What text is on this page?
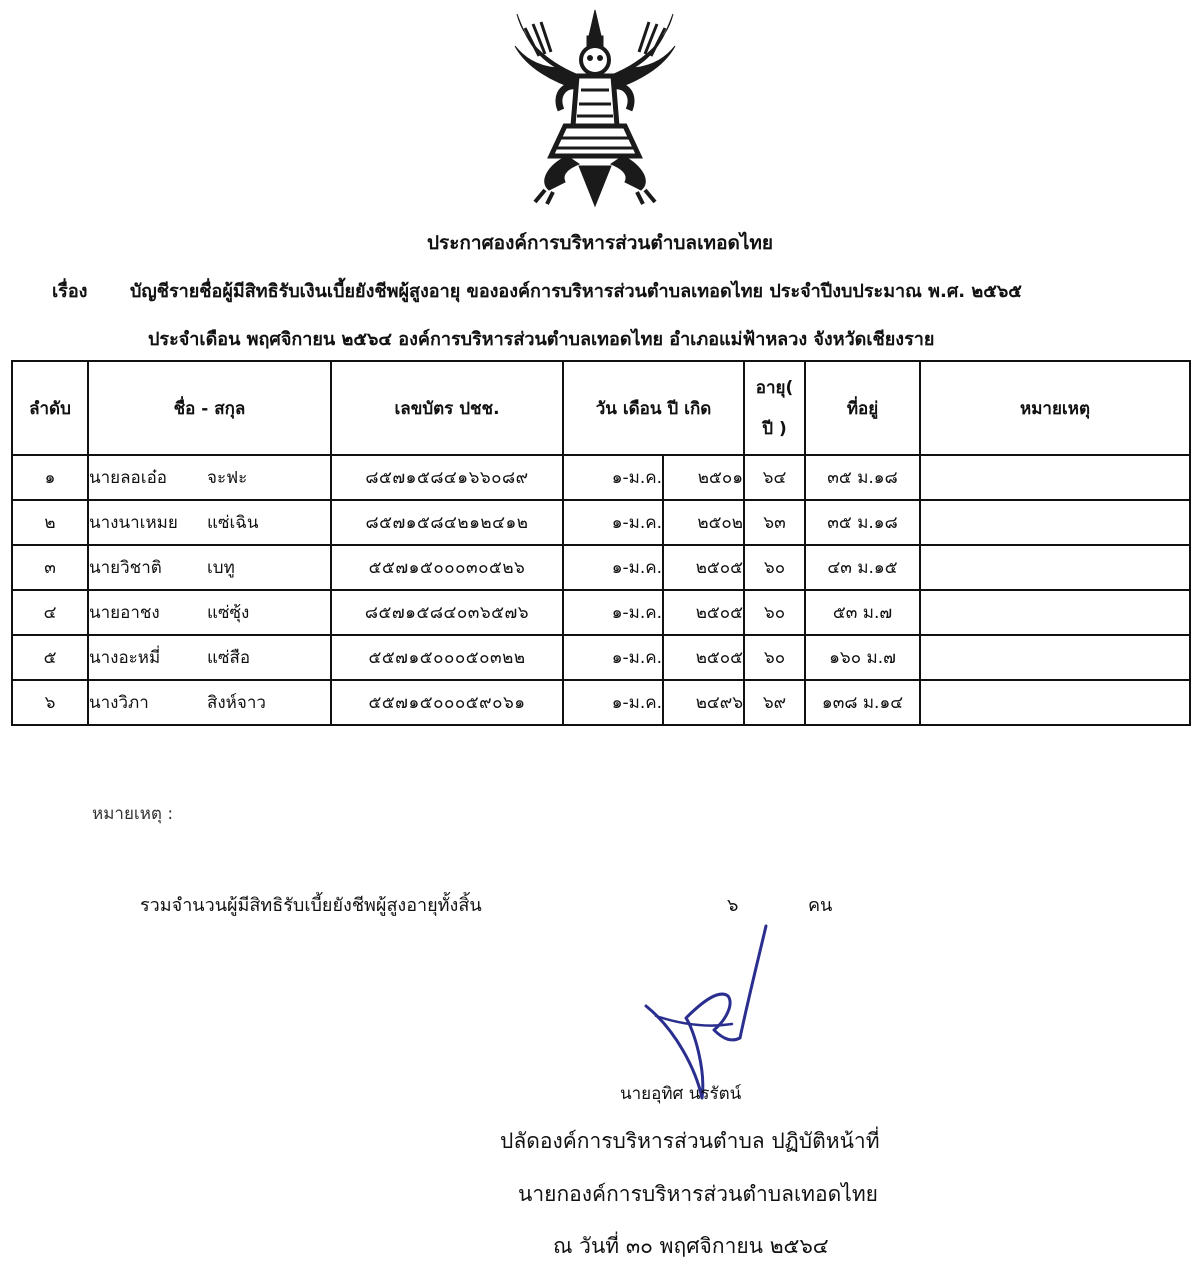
ประกาศองค์การบริหารส่วนตำบลเทอดไทย
เรื่อง บัญชีรายชื่อผู้มีสิทธิรับเงินเบี้ยยังชีพผู้สูงอายุ ขององค์การบริหารส่วนตำบลเทอดไทย ประจำปีงบประมาณ พ.ศ. ๒๕๖๕
ประจำเดือน พฤศจิกายน ๒๕๖๔ องค์การบริหารส่วนตำบลเทอดไทย อำเภอแม่ฟ้าหลวง จังหวัดเชียงราย
ลำดับ	ชื่อ - สกุล	เลขบัตร ปชช.	วัน เดือน ปี เกิด		อายุ(
ปี )	ที่อยู่	หมายเหตุ
๑	นายลอเอ๋อ จะฟะ	๘๕๗๑๕๘๔๑๖๖๐๘๙	๑-ม.ค.	๒๕๐๑	๖๔	๓๕ ม.๑๘	
๒	นางนาเหมย แซ่เฉิน	๘๕๗๑๕๘๔๒๑๒๔๑๒	๑-ม.ค.	๒๕๐๒	๖๓	๓๕ ม.๑๘	
๓	นายวิชาติ เบทู	๕๕๗๑๕๐๐๐๓๐๕๒๖	๑-ม.ค.	๒๕๐๕	๖๐	๔๓ ม.๑๕	
๔	นายอาชง แซ่ซุ้ง	๘๕๗๑๕๘๔๐๓๖๕๗๖	๑-ม.ค.	๒๕๐๕	๖๐	๕๓ ม.๗	
๕	นางอะหมี่ แซ่สือ	๕๕๗๑๕๐๐๐๕๐๓๒๒	๑-ม.ค.	๒๕๐๕	๖๐	๑๖๐ ม.๗	
๖	นางวิภา สิงห์จาว	๕๕๗๑๕๐๐๐๕๙๐๖๑	๑-ม.ค.	๒๔๙๖	๖๙	๑๓๘ ม.๑๔	
หมายเหตุ :
รวมจำนวนผู้มีสิทธิรับเบี้ยยังชีพผู้สูงอายุทั้งสิ้น	๖	คน
นายอุทิศ นรรัตน์
ปลัดองค์การบริหารส่วนตำบล ปฏิบัติหน้าที่
นายกองค์การบริหารส่วนตำบลเทอดไทย
ณ วันที่ ๓๐ พฤศจิกายน ๒๕๖๔
